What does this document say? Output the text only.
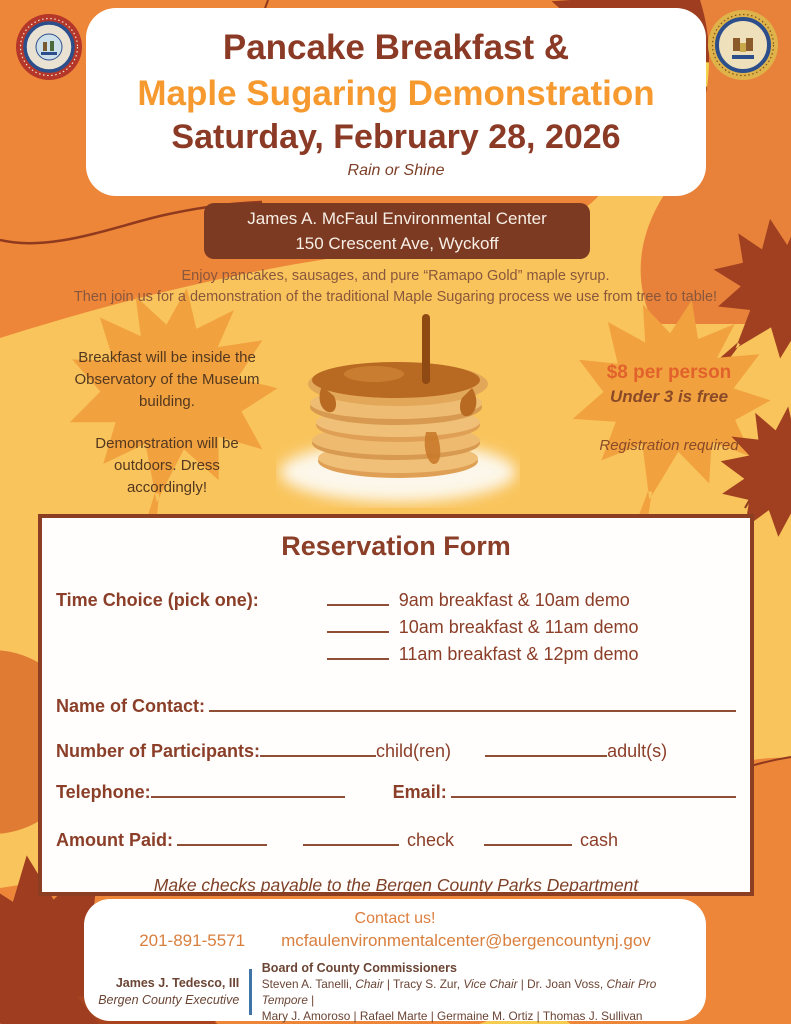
Pancake Breakfast &
Maple Sugaring Demonstration
Saturday, February 28, 2026
Rain or Shine
James A. McFaul Environmental Center
150 Crescent Ave, Wyckoff
Enjoy pancakes, sausages, and pure “Ramapo Gold” maple syrup.
Then join us for a demonstration of the traditional Maple Sugaring process we use from tree to table!

Breakfast will be inside the Observatory of the Museum building.

Demonstration will be outdoors. Dress accordingly!

$8 per person
Under 3 is free
Registration required
Reservation Form
Time Choice (pick one):	9am breakfast & 10am demo
10am breakfast & 11am demo
11am breakfast & 12pm demo
Name of Contact:
Number of Participants:	child(ren)	adult(s)
Telephone:	Email:
Amount Paid:	check	cash
Make checks payable to the Bergen County Parks Department
Contact us!
201-891-5571 mcfaulenvironmentalcenter@bergencountynj.gov
James J. Tedesco, III
Bergen County Executive
Board of County Commissioners
Steven A. Tanelli, Chair | Tracy S. Zur, Vice Chair | Dr. Joan Voss, Chair Pro Tempore |
Mary J. Amoroso | Rafael Marte | Germaine M. Ortiz | Thomas J. Sullivan
